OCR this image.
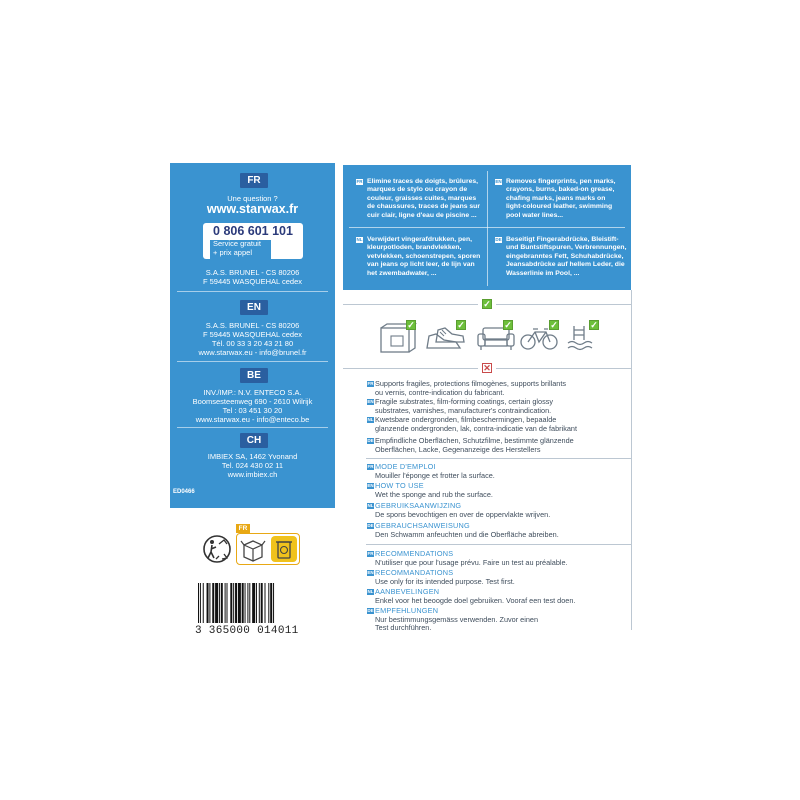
FR
Une question ?
www.starwax.fr
0 806 601 101
Service gratuit
+ prix appel
S.A.S. BRUNEL - CS 80206
F 59445 WASQUEHAL cedex
EN
S.A.S. BRUNEL - CS 80206
F 59445 WASQUEHAL cedex
Tél. 00 33 3 20 43 21 80
www.starwax.eu - info@brunel.fr
BE
INV./IMP.: N.V. ENTECO S.A.
Boomsesteenweg 690 - 2610 Wilrijk
Tel : 03 451 30 20
www.starwax.eu - info@enteco.be
CH
IMBIEX SA, 1462 Yvonand
Tel. 024 430 02 11
www.imbiex.ch
ED0466
FR Elimine traces de doigts, brûlures,
marques de stylo ou crayon de
couleur, graisses cuites, marques
de chaussures, traces de jeans sur
cuir clair, ligne d'eau de piscine ...
EN Removes fingerprints, pen marks,
crayons, burns, baked-on grease,
chafing marks, jeans marks on
light-coloured leather, swimming
pool water lines...
NL Verwijdert vingerafdrukken, pen,
kleurpotloden, brandvlekken,
vetvlekken, schoenstrepen, sporen
van jeans op licht leer, de lijn van
het zwembadwater, ...
DE Beseitigt Fingerabdrücke, Bleistift-
und Buntstiftspuren, Verbrennungen,
eingebranntes Fett, Schuhabdrücke,
Jeansabdrücke auf hellem Leder, die
Wasserlinie im Pool, ...
✓
✓	✓	✓	✓	✓
✕
FR Supports fragiles, protections filmogènes, supports brillants
ou vernis, contre-indication du fabricant.
EN Fragile substrates, film-forming coatings, certain glossy
substrates, varnishes, manufacturer's contraindication.
NL Kwetsbare ondergronden, filmbeschermingen, bepaalde
glanzende ondergronden, lak, contra-indicatie van de fabrikant
DE Empfindliche Oberflächen, Schutzfilme, bestimmte glänzende
Oberflächen, Lacke, Gegenanzeige des Herstellers
FR MODE D'EMPLOI
Mouiller l'éponge et frotter la surface.
EN HOW TO USE
Wet the sponge and rub the surface.
NL GEBRUIKSAANWIJZING
De spons bevochtigen en over de oppervlakte wrijven.
DE GEBRAUCHSANWEISUNG
Den Schwamm anfeuchten und die Oberfläche abreiben.
FR RECOMMENDATIONS
N'utiliser que pour l'usage prévu. Faire un test au préalable.
EN RECOMMANDATIONS
Use only for its intended purpose. Test first.
NL AANBEVELINGEN
Enkel voor het beoogde doel gebruiken. Vooraf een test doen.
DE EMPFEHLUNGEN
Nur bestimmungsgemäss verwenden. Zuvor einen
Test durchführen.
FR
3 365000 014011
